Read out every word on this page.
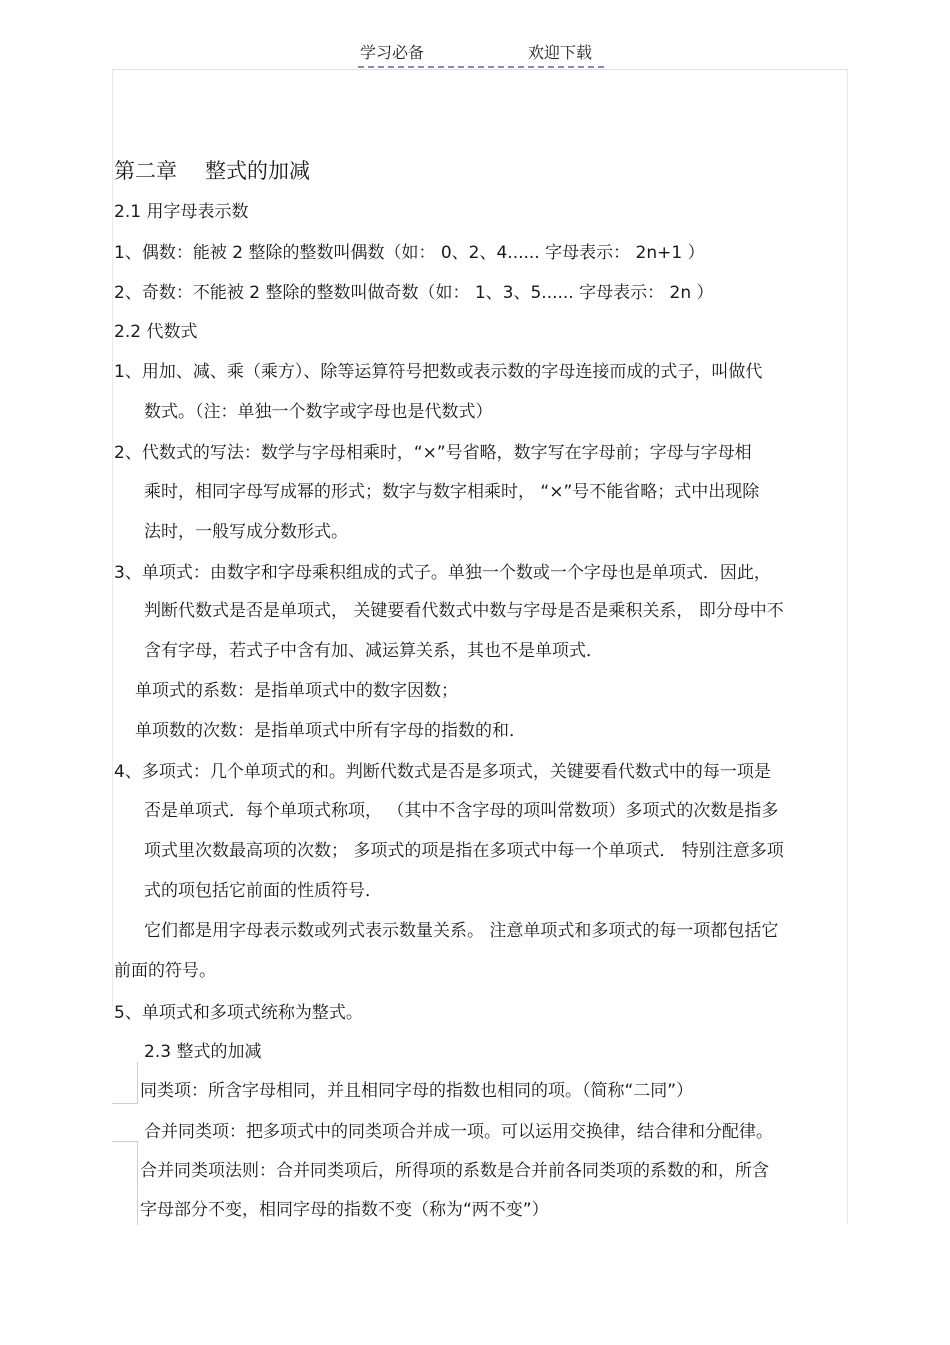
学习必备	欢迎下载
第二章 整式的加减
2.1 用字母表示数
1、偶数：能被 2 整除的整数叫偶数（如： 0、2、4...... 字母表示： 2n+1 ）
2、奇数：不能被 2 整除的整数叫做奇数（如： 1、3、5...... 字母表示： 2n ）
2.2 代数式
1、用加、减、乘（乘方）、除等运算符号把数或表示数的字母连接而成的式子，叫做代
数式。（注：单独一个数字或字母也是代数式）
2、代数式的写法：数学与字母相乘时，“×”号省略，数字写在字母前；字母与字母相
乘时，相同字母写成幂的形式；数字与数字相乘时， “×”号不能省略；式中出现除
法时，一般写成分数形式。
3、单项式：由数字和字母乘积组成的式子。单独一个数或一个字母也是单项式．因此，
判断代数式是否是单项式， 关键要看代数式中数与字母是否是乘积关系， 即分母中不
含有字母，若式子中含有加、减运算关系，其也不是单项式．
单项式的系数：是指单项式中的数字因数；
单项数的次数：是指单项式中所有字母的指数的和．
4、多项式：几个单项式的和。判断代数式是否是多项式，关键要看代数式中的每一项是
否是单项式．每个单项式称项， （其中不含字母的项叫常数项）多项式的次数是指多
项式里次数最高项的次数； 多项式的项是指在多项式中每一个单项式． 特别注意多项
式的项包括它前面的性质符号．
它们都是用字母表示数或列式表示数量关系。 注意单项式和多项式的每一项都包括它
前面的符号。
5、单项式和多项式统称为整式。
2.3 整式的加减
同类项：所含字母相同，并且相同字母的指数也相同的项。（简称“二同”）
合并同类项：把多项式中的同类项合并成一项。可以运用交换律，结合律和分配律。
合并同类项法则：合并同类项后，所得项的系数是合并前各同类项的系数的和，所含
字母部分不变，相同字母的指数不变（称为“两不变”）
